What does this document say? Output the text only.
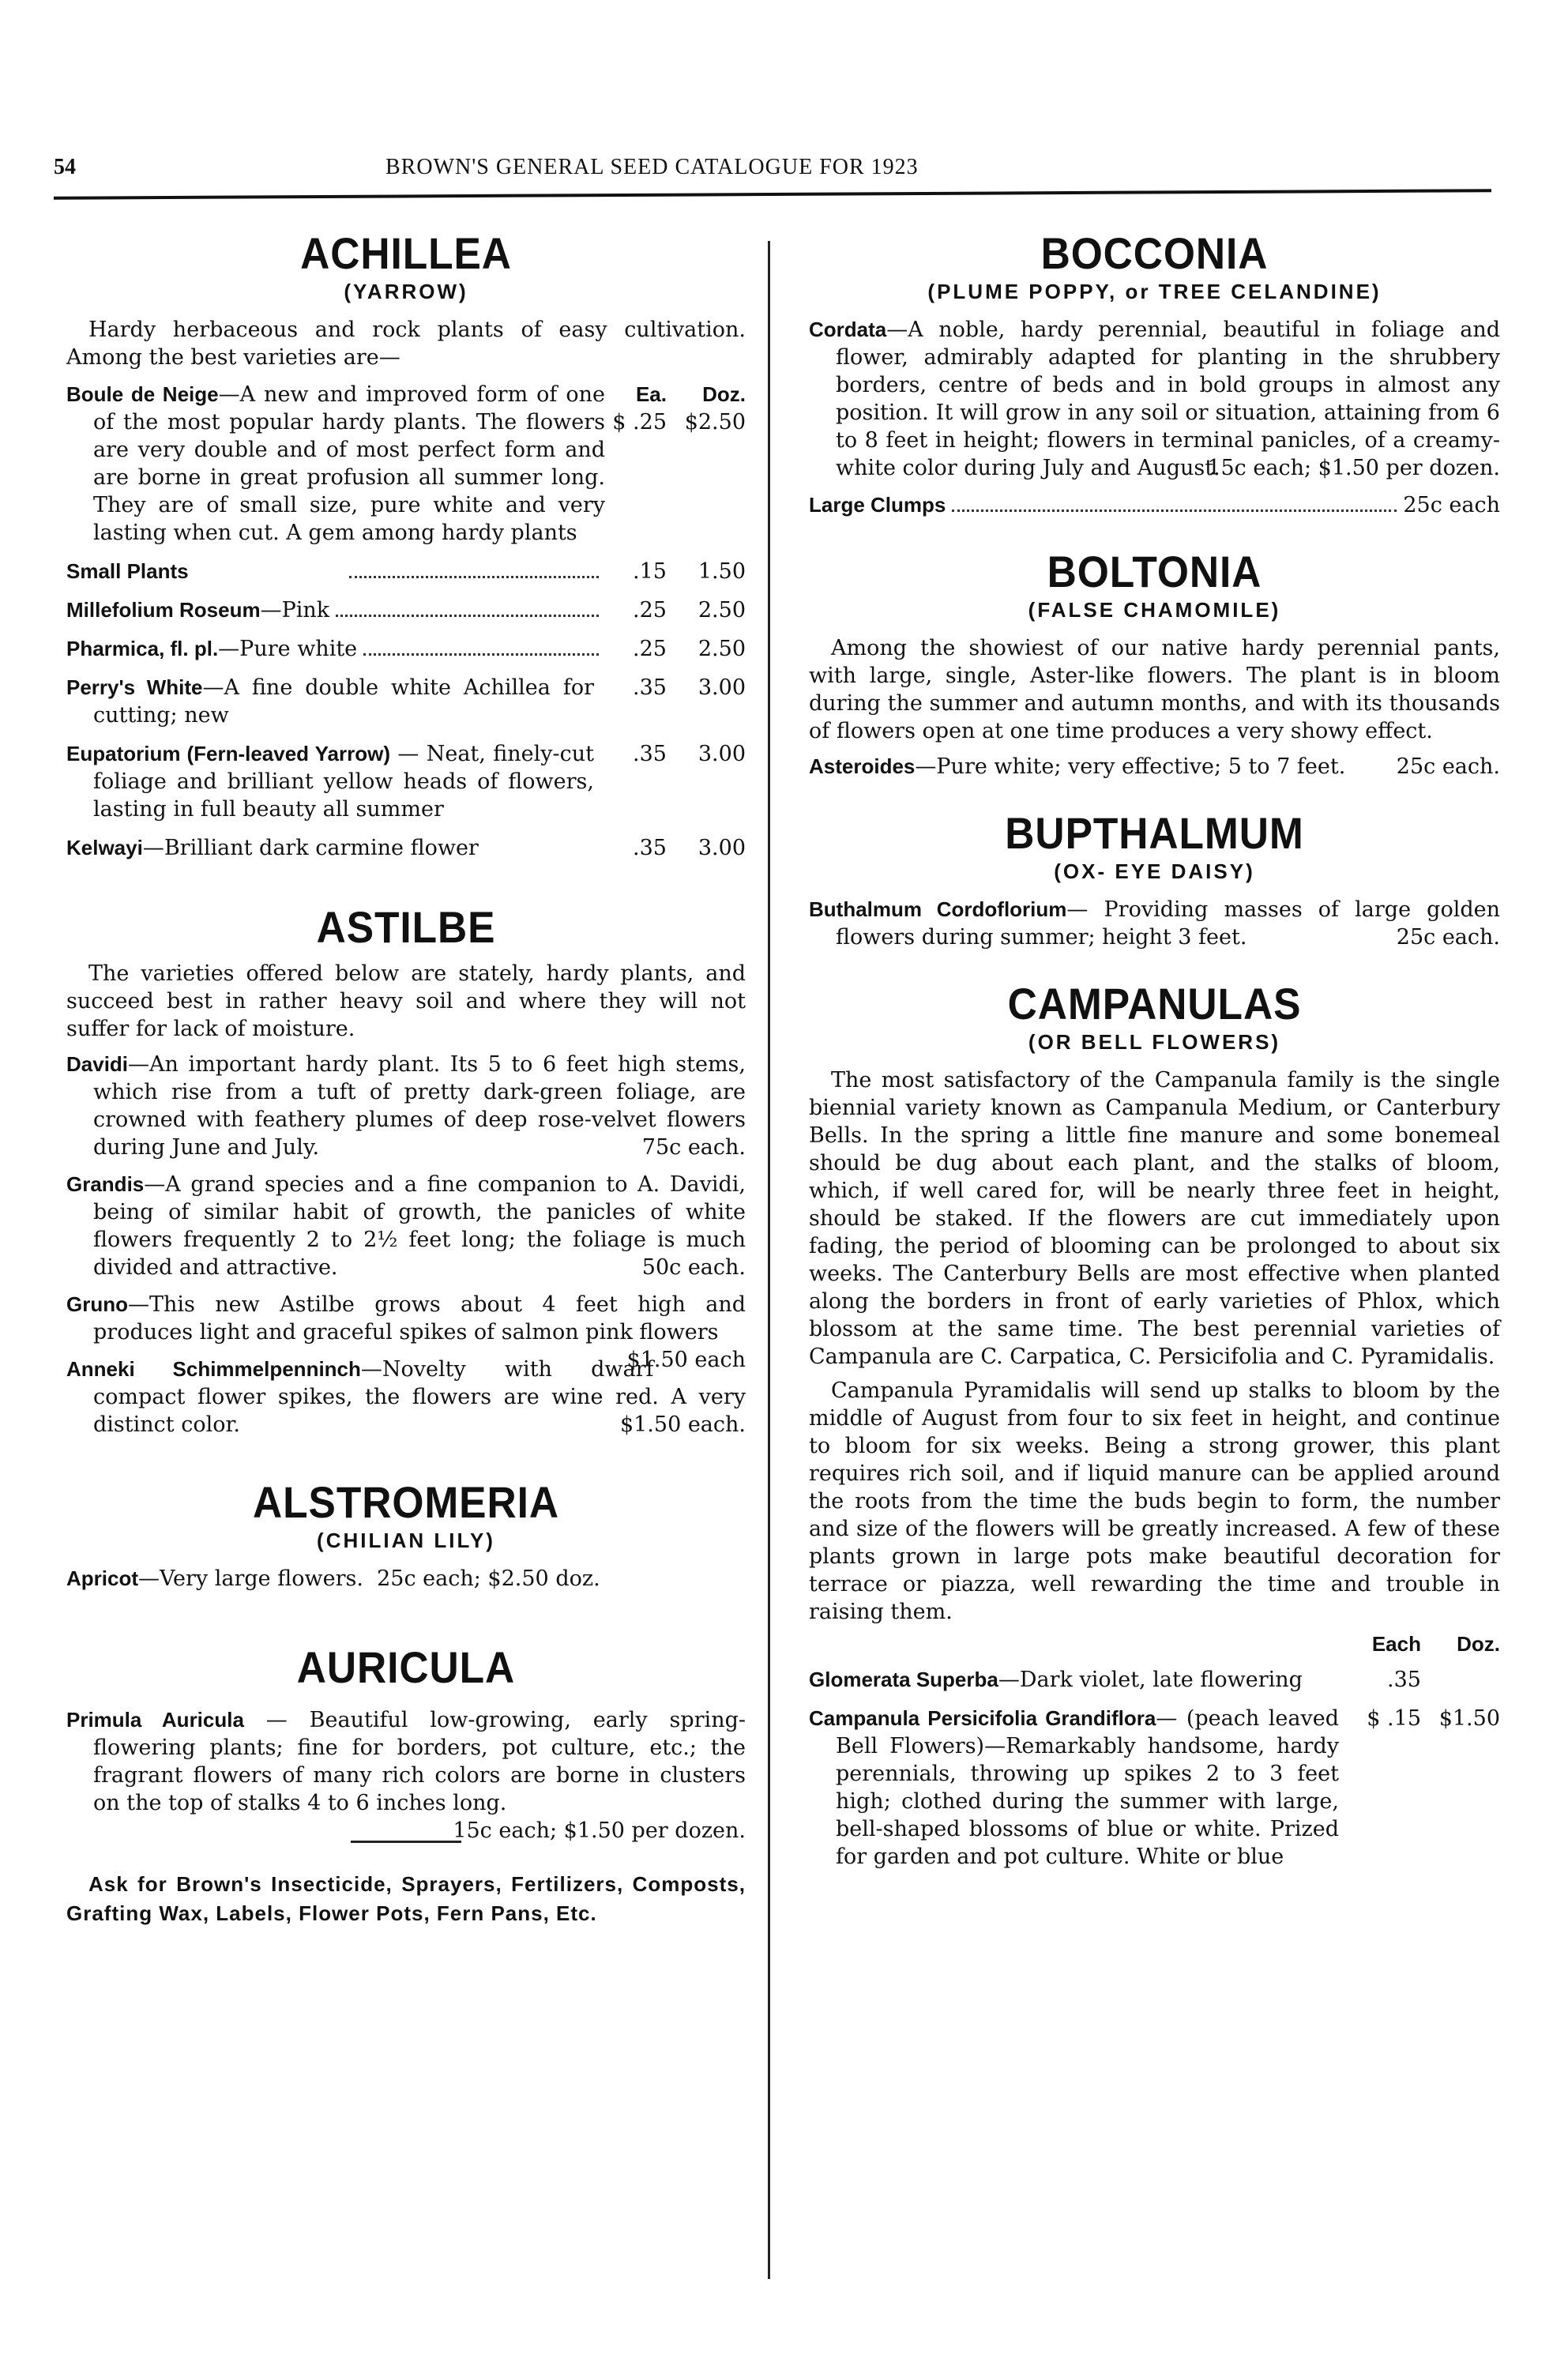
54	BROWN'S GENERAL SEED CATALOGUE FOR 1923
ACHILLEA
(YARROW)

Hardy herbaceous and rock plants of easy cultivation. Among the best varieties are—

Boule de Neige—A new and improved form of one of the most popular hardy plants. The flowers are very double and of most perfect form and are borne in great profusion all summer long. They are of small size, pure white and very lasting when cut. A gem among hardy plants
Ea.	Doz.
$ .25 $2.50
Small Plants	.15	1.50
Millefolium Roseum—Pink	.25	2.50
Pharmica, fl. pl.—Pure white	.25	2.50
Perry's White—A fine double white Achillea for cutting; new
.35	3.00
Eupatorium (Fern-leaved Yarrow) — Neat, finely-cut foliage and brilliant yellow heads of flowers, lasting in full beauty all summer
.35	3.00
Kelwayi—Brilliant dark carmine flower	.35	3.00
ASTILBE

The varieties offered below are stately, hardy plants, and succeed best in rather heavy soil and where they will not suffer for lack of moisture.

Davidi—An important hardy plant. Its 5 to 6 feet high stems, which rise from a tuft of pretty dark-green foliage, are crowned with feathery plumes of deep rose-velvet flowers during June and July.	75c each.
Grandis—A grand species and a fine companion to A. Davidi, being of similar habit of growth, the panicles of white flowers frequently 2 to 2½ feet long; the foliage is much divided and attractive.	50c each.
Gruno—This new Astilbe grows about 4 feet high and produces light and graceful spikes of salmon pink flowers
$1.50 each
Anneki Schimmelpenninch—Novelty with dwarf compact flower spikes, the flowers are wine red. A very distinct color.	$1.50 each.
ALSTROMERIA
(CHILIAN LILY)
Apricot—Very large flowers. 25c each; $2.50 doz.
AURICULA
Primula Auricula — Beautiful low-growing, early spring-flowering plants; fine for borders, pot culture, etc.; the fragrant flowers of many rich colors are borne in clusters on the top of stalks 4 to 6 inches long.
15c each; $1.50 per dozen.

Ask for Brown's Insecticide, Sprayers, Fertilizers, Composts, Grafting Wax, Labels, Flower Pots, Fern Pans, Etc.

BOCCONIA
(PLUME POPPY, or TREE CELANDINE)
Cordata—A noble, hardy perennial, beautiful in foliage and flower, admirably adapted for planting in the shrubbery borders, centre of beds and in bold groups in almost any position. It will grow in any soil or situation, attaining from 6 to 8 feet in height; flowers in terminal panicles, of a creamy-white color during July and August.
15c each; $1.50 per dozen.
Large Clumps	25c each
BOLTONIA
(FALSE CHAMOMILE)

Among the showiest of our native hardy perennial pants, with large, single, Aster-like flowers. The plant is in bloom during the summer and autumn months, and with its thousands of flowers open at one time produces a very showy effect.

Asteroides—Pure white; very effective; 5 to 7 feet. 25c each.
BUPTHALMUM
(OX- EYE DAISY)
Buthalmum Cordoflorium— Providing masses of large golden flowers during summer; height 3 feet.	25c each.
CAMPANULAS
(OR BELL FLOWERS)

The most satisfactory of the Campanula family is the single biennial variety known as Campanula Medium, or Canterbury Bells. In the spring a little fine manure and some bonemeal should be dug about each plant, and the stalks of bloom, which, if well cared for, will be nearly three feet in height, should be staked. If the flowers are cut immediately upon fading, the period of blooming can be prolonged to about six weeks. The Canterbury Bells are most effective when planted along the borders in front of early varieties of Phlox, which blossom at the same time. The best perennial varieties of Campanula are C. Carpatica, C. Persicifolia and C. Pyramidalis.

Campanula Pyramidalis will send up stalks to bloom by the middle of August from four to six feet in height, and continue to bloom for six weeks. Being a strong grower, this plant requires rich soil, and if liquid manure can be applied around the roots from the time the buds begin to form, the number and size of the flowers will be greatly increased. A few of these plants grown in large pots make beautiful decoration for terrace or piazza, well rewarding the time and trouble in raising them.

Each	Doz.
Glomerata Superba—Dark violet, late flowering	.35
Campanula Persicifolia Grandiflora— (peach leaved Bell Flowers)—Remarkably handsome, hardy perennials, throwing up spikes 2 to 3 feet high; clothed during the summer with large, bell-shaped blossoms of blue or white. Prized for garden and pot culture. White or blue
$ .15 $1.50
